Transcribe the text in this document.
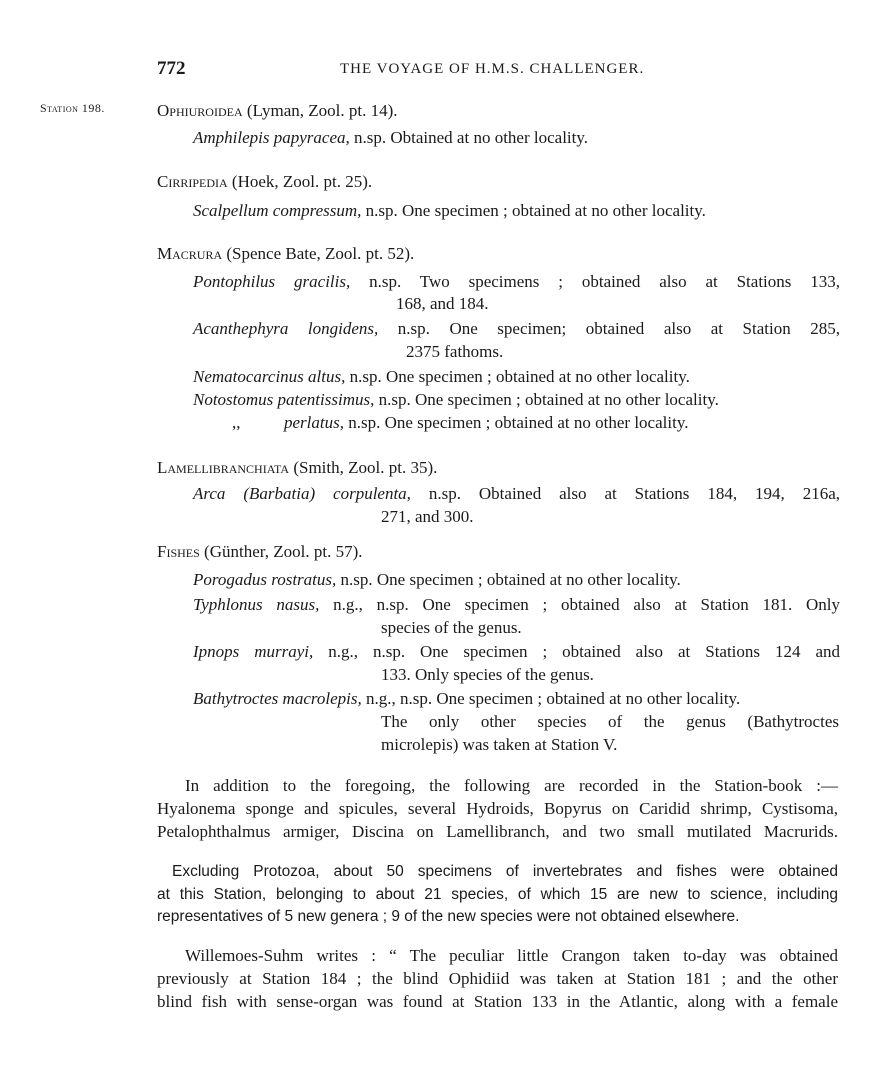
772	THE VOYAGE OF H.M.S. CHALLENGER.
Station 198.	Ophiuroidea (Lyman, Zool. pt. 14).
Amphilepis papyracea, n.sp. Obtained at no other locality.
Cirripedia (Hoek, Zool. pt. 25).
Scalpellum compressum, n.sp. One specimen ; obtained at no other locality.
Macrura (Spence Bate, Zool. pt. 52).
Pontophilus gracilis, n.sp. Two specimens ; obtained also at Stations 133,
168, and 184.
Acanthephyra longidens, n.sp. One specimen; obtained also at Station 285,
2375 fathoms.
Nematocarcinus altus, n.sp. One specimen ; obtained at no other locality.
Notostomus patentissimus, n.sp. One specimen ; obtained at no other locality.
,,	perlatus, n.sp. One specimen ; obtained at no other locality.
Lamellibranchiata (Smith, Zool. pt. 35).
Arca (Barbatia) corpulenta, n.sp. Obtained also at Stations 184, 194, 216a,
271, and 300.
Fishes (Günther, Zool. pt. 57).
Porogadus rostratus, n.sp. One specimen ; obtained at no other locality.
Typhlonus nasus, n.g., n.sp. One specimen ; obtained also at Station 181. Only
species of the genus.
Ipnops murrayi, n.g., n.sp. One specimen ; obtained also at Stations 124 and
133. Only species of the genus.
Bathytroctes macrolepis, n.g., n.sp. One specimen ; obtained at no other locality.
The only other species of the genus (Bathytroctes
microlepis) was taken at Station V.
In addition to the foregoing, the following are recorded in the Station-book :—
Hyalonema sponge and spicules, several Hydroids, Bopyrus on Caridid shrimp, Cystisoma,
Petalophthalmus armiger, Discina on Lamellibranch, and two small mutilated Macrurids.
Excluding Protozoa, about 50 specimens of invertebrates and fishes were obtained
at this Station, belonging to about 21 species, of which 15 are new to science, including
representatives of 5 new genera ; 9 of the new species were not obtained elsewhere.
Willemoes-Suhm writes : “ The peculiar little Crangon taken to-day was obtained
previously at Station 184 ; the blind Ophidiid was taken at Station 181 ; and the other
blind fish with sense-organ was found at Station 133 in the Atlantic, along with a female
